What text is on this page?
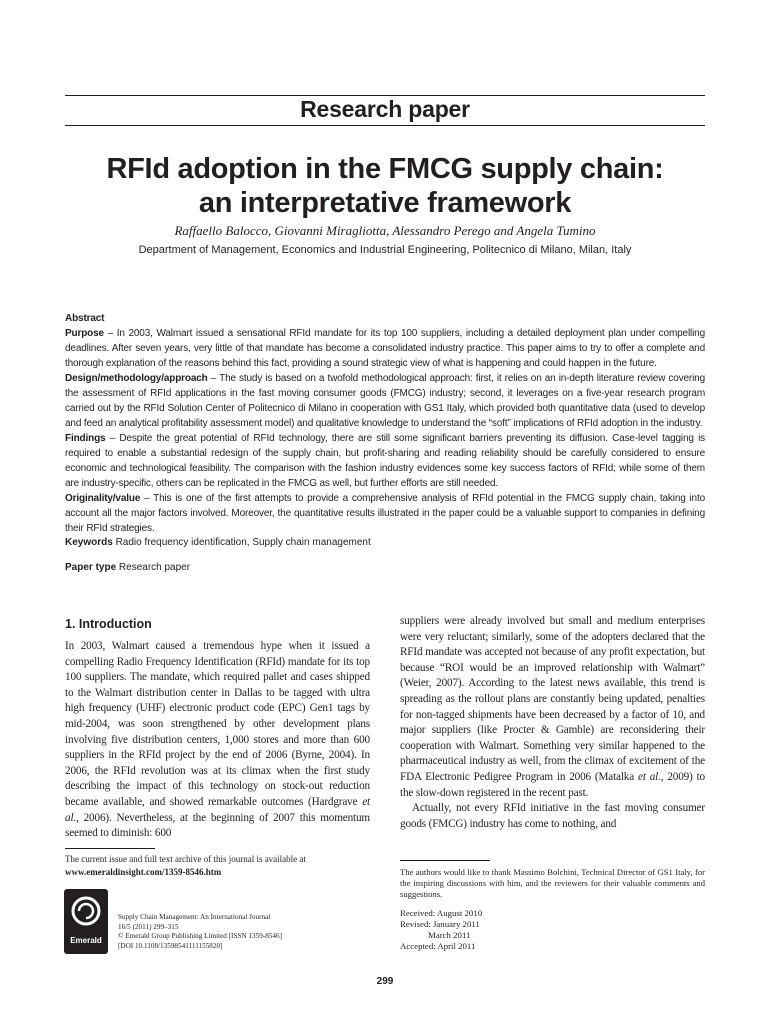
Research paper
RFId adoption in the FMCG supply chain:
an interpretative framework
Raffaello Balocco, Giovanni Miragliotta, Alessandro Perego and Angela Tumino
Department of Management, Economics and Industrial Engineering, Politecnico di Milano, Milan, Italy

Abstract

Purpose – In 2003, Walmart issued a sensational RFId mandate for its top 100 suppliers, including a detailed deployment plan under compelling deadlines. After seven years, very little of that mandate has become a consolidated industry practice. This paper aims to try to offer a complete and thorough explanation of the reasons behind this fact, providing a sound strategic view of what is happening and could happen in the future.

Design/methodology/approach – The study is based on a twofold methodological approach: first, it relies on an in-depth literature review covering the assessment of RFId applications in the fast moving consumer goods (FMCG) industry; second, it leverages on a five-year research program carried out by the RFId Solution Center of Politecnico di Milano in cooperation with GS1 Italy, which provided both quantitative data (used to develop and feed an analytical profitability assessment model) and qualitative knowledge to understand the “soft” implications of RFId adoption in the industry.

Findings – Despite the great potential of RFId technology, there are still some significant barriers preventing its diffusion. Case-level tagging is required to enable a substantial redesign of the supply chain, but profit-sharing and reading reliability should be carefully considered to ensure economic and technological feasibility. The comparison with the fashion industry evidences some key success factors of RFId; while some of them are industry-specific, others can be replicated in the FMCG as well, but further efforts are still needed.

Originality/value – This is one of the first attempts to provide a comprehensive analysis of RFId potential in the FMCG supply chain, taking into account all the major factors involved. Moreover, the quantitative results illustrated in the paper could be a valuable support to companies in defining their RFId strategies.

Keywords Radio frequency identification, Supply chain management
Paper type Research paper
1. Introduction

In 2003, Walmart caused a tremendous hype when it issued a compelling Radio Frequency Identification (RFId) mandate for its top 100 suppliers. The mandate, which required pallet and cases shipped to the Walmart distribution center in Dallas to be tagged with ultra high frequency (UHF) electronic product code (EPC) Gen1 tags by mid-2004, was soon strengthened by other development plans involving five distribution centers, 1,000 stores and more than 600 suppliers in the RFId project by the end of 2006 (Byrne, 2004). In 2006, the RFId revolution was at its climax when the first study describing the impact of this technology on stock-out reduction became available, and showed remarkable outcomes (Hardgrave et al., 2006). Nevertheless, at the beginning of 2007 this momentum seemed to diminish: 600

suppliers were already involved but small and medium enterprises were very reluctant; similarly, some of the adopters declared that the RFId mandate was accepted not because of any profit expectation, but because “ROI would be an improved relationship with Walmart” (Weier, 2007). According to the latest news available, this trend is spreading as the rollout plans are constantly being updated, penalties for non-tagged shipments have been decreased by a factor of 10, and major suppliers (like Procter & Gamble) are reconsidering their cooperation with Walmart. Something very similar happened to the pharmaceutical industry as well, from the climax of excitement of the FDA Electronic Pedigree Program in 2006 (Matalka et al., 2009) to the slow-down registered in the recent past.

Actually, not every RFId initiative in the fast moving consumer goods (FMCG) industry has come to nothing, and

The current issue and full text archive of this journal is available at
www.emeraldinsight.com/1359-8546.htm
Emerald
Supply Chain Management: An International Journal
16/5 (2011) 299–315
© Emerald Group Publishing Limited [ISSN 1359-8546]
[DOI 10.1108/13598541111155820]
The authors would like to thank Massimo Bolchini, Technical Director of GS1 Italy, for the inspiring discussions with him, and the reviewers for their valuable comments and suggestions.
Received: August 2010
Revised: January 2011
March 2011
Accepted: April 2011
299
